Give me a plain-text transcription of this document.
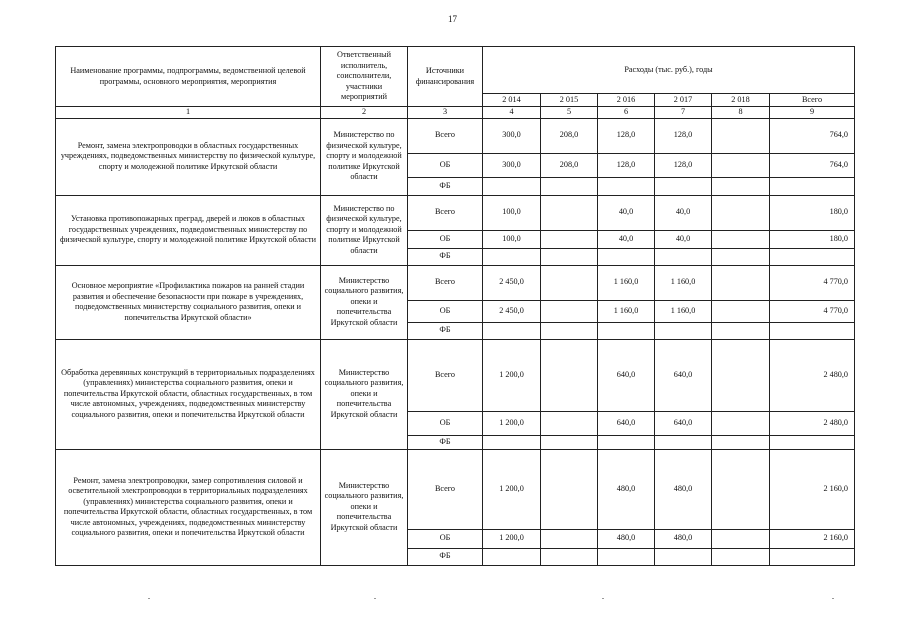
17
Наименование программы, подпрограммы, ведомственной целевой программы, основного мероприятия, мероприятия	Ответственный исполнитель, соисполнители, участники мероприятий	Источники финансирования	Расходы (тыс. руб.), годы					
			2 014	2 015	2 016	2 017	2 018	Всего
1	2	3	4	5	6	7	8	9
Ремонт, замена электропроводки в областных государственных учреждениях, подведомственных министерству по физической культуре, спорту и молодежной политике Иркутской области	Министерство по физической культуре, спорту и молодежной политике Иркутской области	Всего	300,0	208,0	128,0	128,0		764,0
		ОБ	300,0	208,0	128,0	128,0		764,0
		ФБ						
Установка противопожарных преград, дверей и люков в областных государственных учреждениях, подведомственных министерству по физической культуре, спорту и молодежной политике Иркутской области	Министерство по физической культуре, спорту и молодежной политике Иркутской области	Всего	100,0		40,0	40,0		180,0
		ОБ	100,0		40,0	40,0		180,0
		ФБ						
Основное мероприятие «Профилактика пожаров на ранней стадии развития и обеспечение безопасности при пожаре в учреждениях, подведомственных министерству социального развития, опеки и попечительства Иркутской области»	Министерство социального развития, опеки и попечительства Иркутской области	Всего	2 450,0		1 160,0	1 160,0		4 770,0
		ОБ	2 450,0		1 160,0	1 160,0		4 770,0
		ФБ						
Обработка деревянных конструкций в территориальных подразделениях (управлениях) министерства социального развития, опеки и попечительства Иркутской области, областных государственных, в том числе автономных, учреждениях, подведомственных министерству социального развития, опеки и попечительства Иркутской области	Министерство социального развития, опеки и попечительства Иркутской области	Всего	1 200,0		640,0	640,0		2 480,0
		ОБ	1 200,0		640,0	640,0		2 480,0
		ФБ						
Ремонт, замена электропроводки, замер сопротивления силовой и осветительной электропроводки в территориальных подразделениях (управлениях) министерства социального развития, опеки и попечительства Иркутской области, областных государственных, в том числе автономных, учреждениях, подведомственных министерству социального развития, опеки и попечительства Иркутской области	Министерство социального развития, опеки и попечительства Иркутской области	Всего	1 200,0		480,0	480,0		2 160,0
		ОБ	1 200,0		480,0	480,0		2 160,0
		ФБ						
